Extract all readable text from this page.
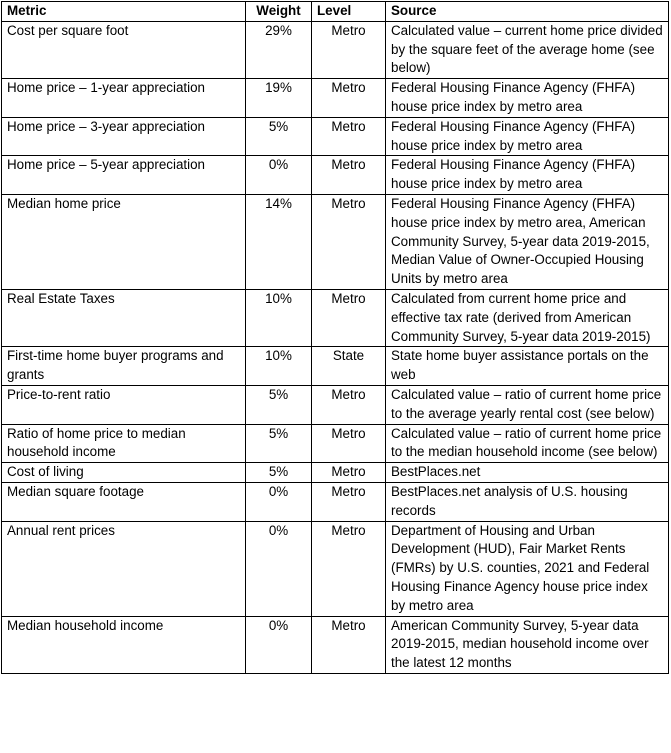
Metric	Weight	Level	Source
Cost per square foot	29%	Metro	Calculated value – current home price divided by the square feet of the average home (see below)
Home price – 1-year appreciation	19%	Metro	Federal Housing Finance Agency (FHFA) house price index by metro area
Home price – 3-year appreciation	5%	Metro	Federal Housing Finance Agency (FHFA) house price index by metro area
Home price – 5-year appreciation	0%	Metro	Federal Housing Finance Agency (FHFA) house price index by metro area
Median home price	14%	Metro	Federal Housing Finance Agency (FHFA) house price index by metro area, American Community Survey, 5-year data 2019-2015, Median Value of Owner-Occupied Housing Units by metro area
Real Estate Taxes	10%	Metro	Calculated from current home price and effective tax rate (derived from American Community Survey, 5-year data 2019-2015)
First-time home buyer programs and grants	10%	State	State home buyer assistance portals on the web
Price-to-rent ratio	5%	Metro	Calculated value – ratio of current home price to the average yearly rental cost (see below)
Ratio of home price to median household income	5%	Metro	Calculated value – ratio of current home price to the median household income (see below)
Cost of living	5%	Metro	BestPlaces.net
Median square footage	0%	Metro	BestPlaces.net analysis of U.S. housing records
Annual rent prices	0%	Metro	Department of Housing and Urban Development (HUD), Fair Market Rents (FMRs) by U.S. counties, 2021 and Federal Housing Finance Agency house price index by metro area
Median household income	0%	Metro	American Community Survey, 5-year data 2019-2015, median household income over the latest 12 months
